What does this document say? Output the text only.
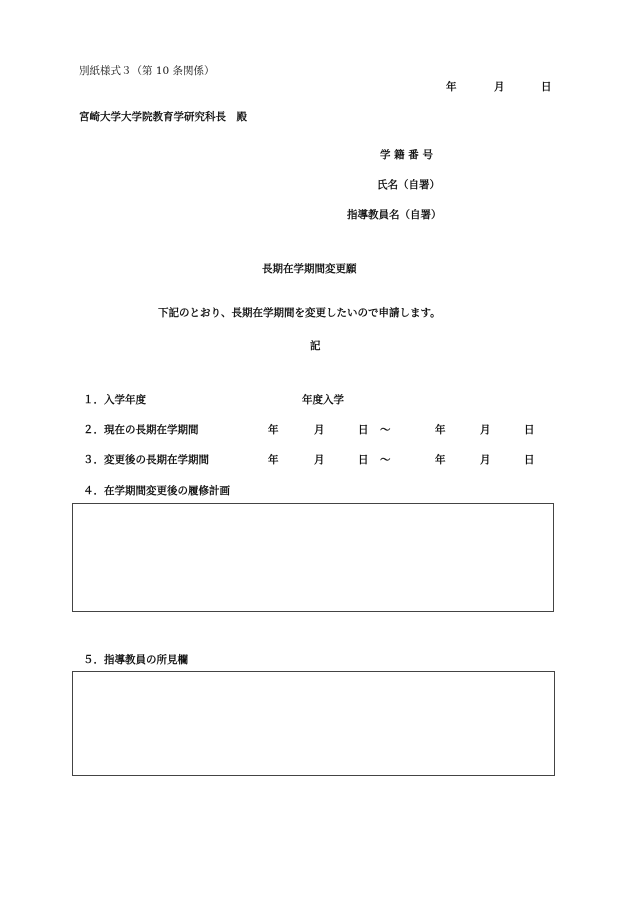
別紙様式３（第 10 条関係）
年	月	日
宮崎大学大学院教育学研究科長　殿
学 籍 番 号
氏名（自署）
指導教員名（自署）
長期在学期間変更願
下記のとおり、長期在学期間を変更したいので申請します。
記
１．入学年度	年度入学
２．現在の長期在学期間	年	月	日 ～	年	月	日
３．変更後の長期在学期間	年	月	日 ～	年	月	日
４．在学期間変更後の履修計画
５．指導教員の所見欄
